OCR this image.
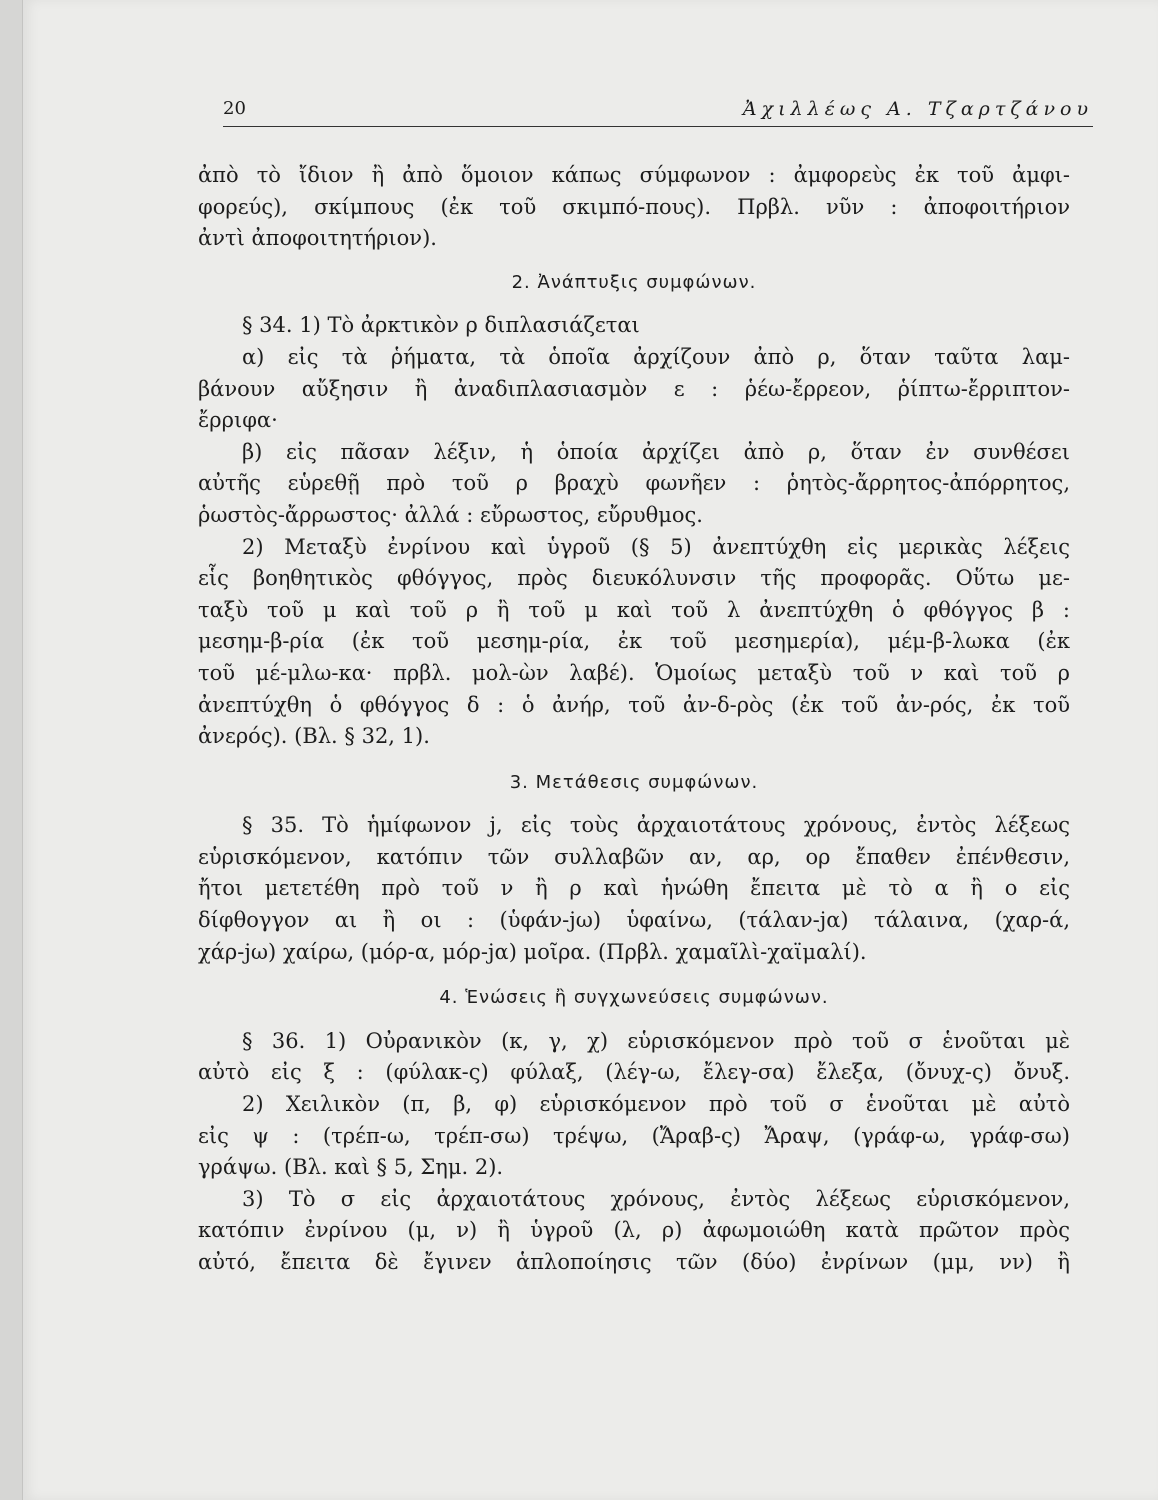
20	Ἀχιλλέως Α. Τζαρτζάνου
ἀπὸ τὸ ἴδιον ἢ ἀπὸ ὅμοιον κάπως σύμφωνον : ἀμφορεὺς ἐκ τοῦ ἀμφι-
φορεύς), σκίμπους (ἐκ τοῦ σκιμπό-πους). Πρβλ. νῦν : ἀποφοιτήριον
ἀντὶ ἀποφοιτητήριον).
2. Ἀνάπτυξις συμφώνων.
§ 34. 1) Τὸ ἀρκτικὸν ρ διπλασιάζεται
α) εἰς τὰ ῥήματα, τὰ ὁποῖα ἀρχίζουν ἀπὸ ρ, ὅταν ταῦτα λαμ-
βάνουν αὔξησιν ἢ ἀναδιπλασιασμὸν ε : ῥέω-ἔρρεον, ῥίπτω-ἔρριπτον-
ἔρριφα·
β) εἰς πᾶσαν λέξιν, ἡ ὁποία ἀρχίζει ἀπὸ ρ, ὅταν ἐν συνθέσει
αὐτῆς εὑρεθῇ πρὸ τοῦ ρ βραχὺ φωνῆεν : ῥητὸς-ἄρρητος-ἀπόρρητος,
ῥωστὸς-ἄρρωστος· ἀλλά : εὔρωστος, εὔρυθμος.
2) Μεταξὺ ἐνρίνου καὶ ὑγροῦ (§ 5) ἀνεπτύχθη εἰς μερικὰς λέξεις
εἷς βοηθητικὸς φθόγγος, πρὸς διευκόλυνσιν τῆς προφορᾶς. Οὕτω με-
ταξὺ τοῦ μ καὶ τοῦ ρ ἢ τοῦ μ καὶ τοῦ λ ἀνεπτύχθη ὁ φθόγγος β :
μεσημ-β-ρία (ἐκ τοῦ μεσημ-ρία, ἐκ τοῦ μεσημερία), μέμ-β-λωκα (ἐκ
τοῦ μέ-μλω-κα· πρβλ. μολ-ὼν λαβέ). Ὁμοίως μεταξὺ τοῦ ν καὶ τοῦ ρ
ἀνεπτύχθη ὁ φθόγγος δ : ὁ ἀνήρ, τοῦ ἀν-δ-ρὸς (ἐκ τοῦ ἀν-ρός, ἐκ τοῦ
ἀνερός). (Βλ. § 32, 1).
3. Μετάθεσις συμφώνων.
§ 35. Τὸ ἡμίφωνον j, εἰς τοὺς ἀρχαιοτάτους χρόνους, ἐντὸς λέξεως
εὑρισκόμενον, κατόπιν τῶν συλλαβῶν αν, αρ, ορ ἔπαθεν ἐπένθεσιν,
ἤτοι μετετέθη πρὸ τοῦ ν ἢ ρ καὶ ἡνώθη ἔπειτα μὲ τὸ α ἢ ο εἰς
δίφθογγον αι ἢ οι : (ὑφάν-jω) ὑφαίνω, (τάλαν-jα) τάλαινα, (χαρ-ά,
χάρ-jω) χαίρω, (μόρ-α, μόρ-jα) μοῖρα. (Πρβλ. χαμαῖλὶ-χαϊμαλί).
4. Ἑνώσεις ἢ συγχωνεύσεις συμφώνων.
§ 36. 1) Οὐρανικὸν (κ, γ, χ) εὑρισκόμενον πρὸ τοῦ σ ἑνοῦται μὲ
αὐτὸ εἰς ξ : (φύλακ-ς) φύλαξ, (λέγ-ω, ἔλεγ-σα) ἔλεξα, (ὄνυχ-ς) ὄνυξ.
2) Χειλικὸν (π, β, φ) εὑρισκόμενον πρὸ τοῦ σ ἑνοῦται μὲ αὐτὸ
εἰς ψ : (τρέπ-ω, τρέπ-σω) τρέψω, (Ἄραβ-ς) Ἄραψ, (γράφ-ω, γράφ-σω)
γράψω. (Βλ. καὶ § 5, Σημ. 2).
3) Τὸ σ εἰς ἀρχαιοτάτους χρόνους, ἐντὸς λέξεως εὑρισκόμενον,
κατόπιν ἐνρίνου (μ, ν) ἢ ὑγροῦ (λ, ρ) ἀφωμοιώθη κατὰ πρῶτον πρὸς
αὐτό, ἔπειτα δὲ ἔγινεν ἁπλοποίησις τῶν (δύο) ἐνρίνων (μμ, νν) ἢ
